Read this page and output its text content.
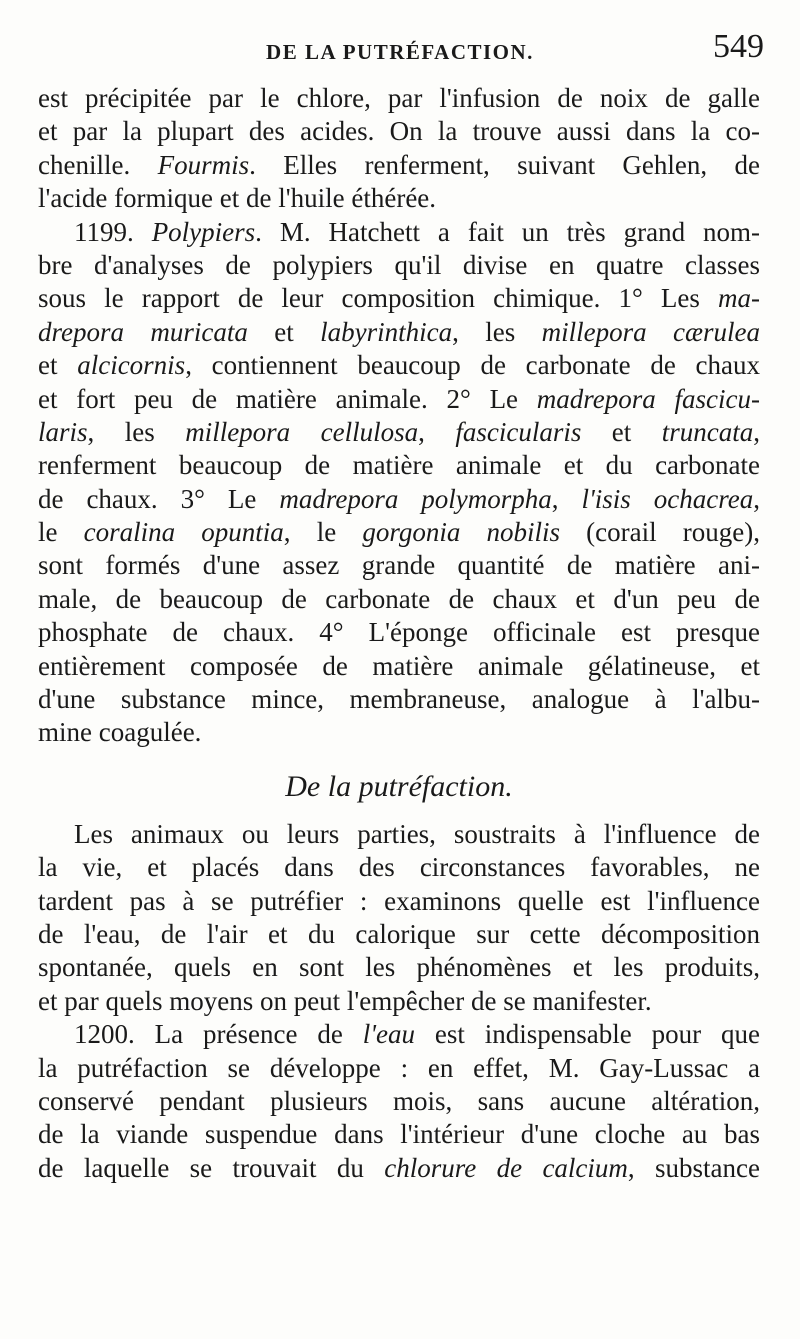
DE LA PUTRÉFACTION.	549
est précipitée par le chlore, par l'infusion de noix de galle
et par la plupart des acides. On la trouve aussi dans la co-
chenille. Fourmis. Elles renferment, suivant Gehlen, de
l'acide formique et de l'huile éthérée.
1199. Polypiers. M. Hatchett a fait un très grand nom-
bre d'analyses de polypiers qu'il divise en quatre classes
sous le rapport de leur composition chimique. 1° Les ma-
drepora muricata et labyrinthica, les millepora cærulea
et alcicornis, contiennent beaucoup de carbonate de chaux
et fort peu de matière animale. 2° Le madrepora fascicu-
laris, les millepora cellulosa, fascicularis et truncata,
renferment beaucoup de matière animale et du carbonate
de chaux. 3° Le madrepora polymorpha, l'isis ochacrea,
le coralina opuntia, le gorgonia nobilis (corail rouge),
sont formés d'une assez grande quantité de matière ani-
male, de beaucoup de carbonate de chaux et d'un peu de
phosphate de chaux. 4° L'éponge officinale est presque
entièrement composée de matière animale gélatineuse, et
d'une substance mince, membraneuse, analogue à l'albu-
mine coagulée.
De la putréfaction.
Les animaux ou leurs parties, soustraits à l'influence de
la vie, et placés dans des circonstances favorables, ne
tardent pas à se putréfier : examinons quelle est l'influence
de l'eau, de l'air et du calorique sur cette décomposition
spontanée, quels en sont les phénomènes et les produits,
et par quels moyens on peut l'empêcher de se manifester.
1200. La présence de l'eau est indispensable pour que
la putréfaction se développe : en effet, M. Gay-Lussac a
conservé pendant plusieurs mois, sans aucune altération,
de la viande suspendue dans l'intérieur d'une cloche au bas
de laquelle se trouvait du chlorure de calcium, substance
